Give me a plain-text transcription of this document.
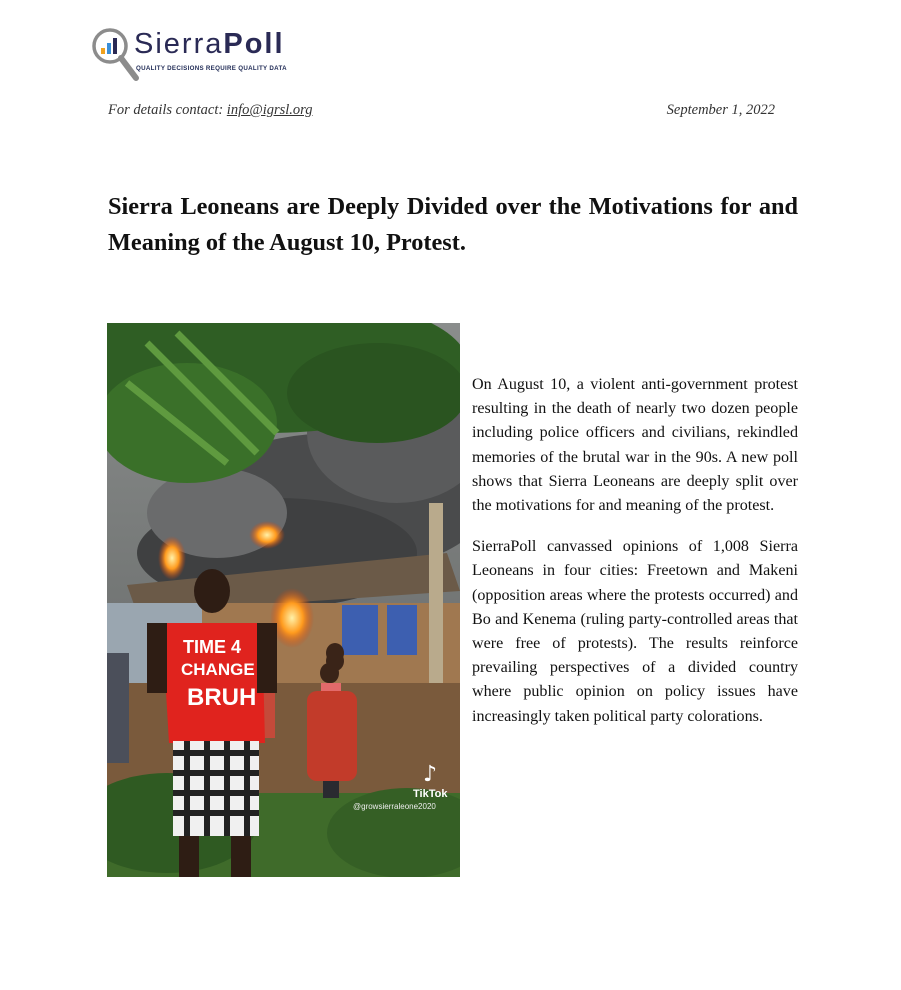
SierraPoll
QUALITY DECISIONS REQUIRE QUALITY DATA
For details contact: info@igrsl.org	September 1, 2022
Sierra Leoneans are Deeply Divided over the Motivations for and Meaning of the August 10, Protest.
TIME 4
CHANGE
BRUH
♪
TikTok
@growsierraleone2020

On August 10, a violent anti-government protest resulting in the death of nearly two dozen people including police officers and civilians, rekindled memories of the brutal war in the 90s. A new poll shows that Sierra Leoneans are deeply split over the motivations for and meaning of the protest.

SierraPoll canvassed opinions of 1,008 Sierra Leoneans in four cities: Freetown and Makeni (opposition areas where the protests occurred) and Bo and Kenema (ruling party-controlled areas that were free of protests). The results reinforce prevailing perspectives of a divided country where public opinion on policy issues have increasingly taken political party colorations.
